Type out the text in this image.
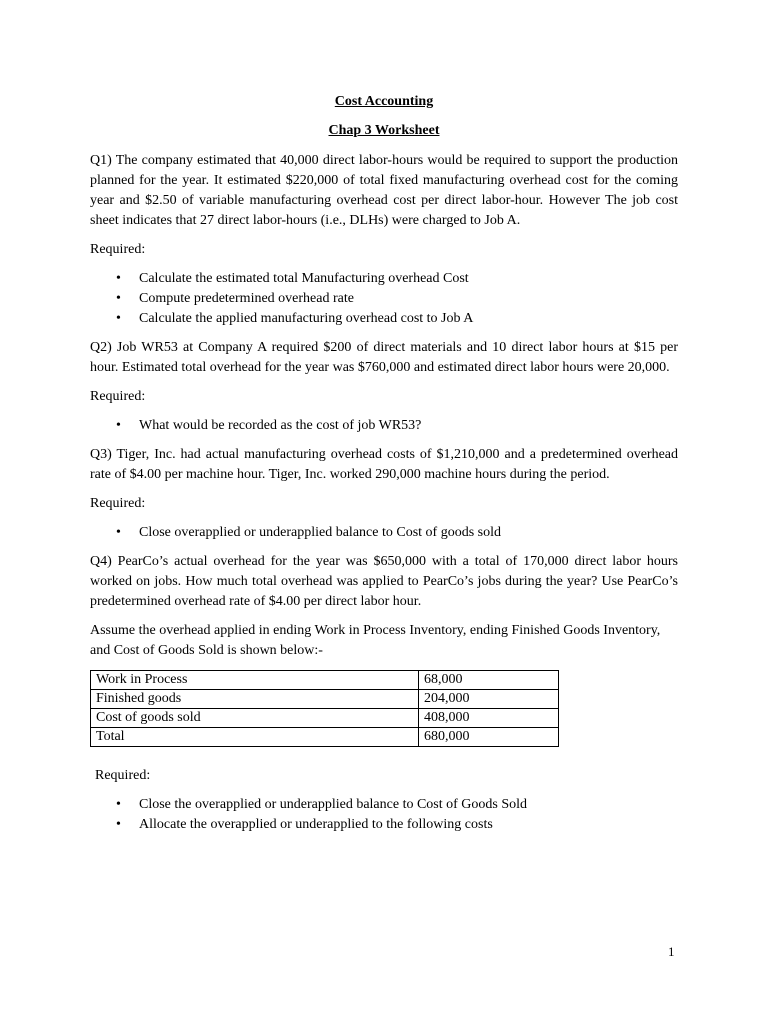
Cost Accounting

Chap 3 Worksheet

Q1) The company estimated that 40,000 direct labor-hours would be required to support the production planned for the year. It estimated $220,000 of total fixed manufacturing overhead cost for the coming year and $2.50 of variable manufacturing overhead cost per direct labor-hour. However The job cost sheet indicates that 27 direct labor-hours (i.e., DLHs) were charged to Job A.

Required:

• Calculate the estimated total Manufacturing overhead Cost
• Compute predetermined overhead rate
• Calculate the applied manufacturing overhead cost to Job A

Q2) Job WR53 at Company A required $200 of direct materials and 10 direct labor hours at $15 per hour. Estimated total overhead for the year was $760,000 and estimated direct labor hours were 20,000.

Required:

• What would be recorded as the cost of job WR53?

Q3) Tiger, Inc. had actual manufacturing overhead costs of $1,210,000 and a predetermined overhead rate of $4.00 per machine hour. Tiger, Inc. worked 290,000 machine hours during the period.

Required:

• Close overapplied or underapplied balance to Cost of goods sold

Q4) PearCo’s actual overhead for the year was $650,000 with a total of 170,000 direct labor hours worked on jobs. How much total overhead was applied to PearCo’s jobs during the year? Use PearCo’s predetermined overhead rate of $4.00 per direct labor hour.

Assume the overhead applied in ending Work in Process Inventory, ending Finished Goods Inventory, and Cost of Goods Sold is shown below:-

Work in Process	68,000
Finished goods	204,000
Cost of goods sold	408,000
Total	680,000

Required:

• Close the overapplied or underapplied balance to Cost of Goods Sold
• Allocate the overapplied or underapplied to the following costs
1
